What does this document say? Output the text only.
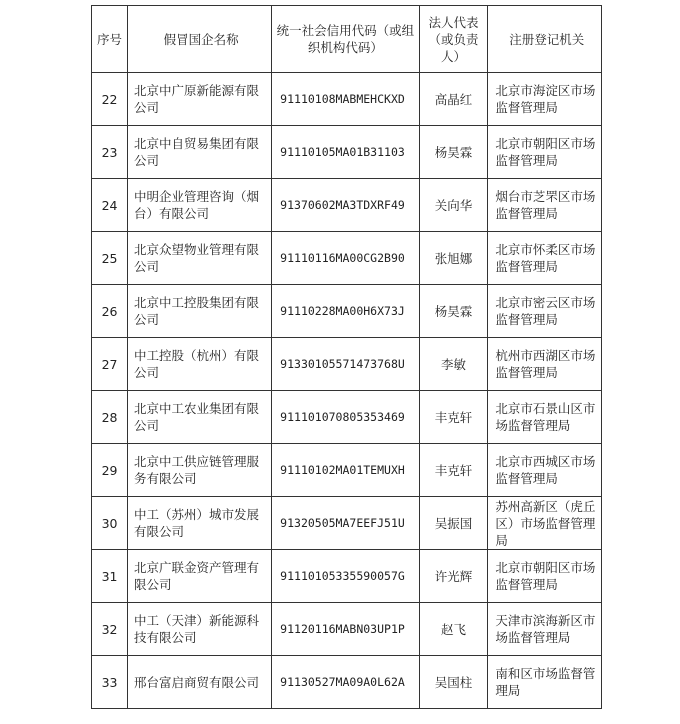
序号	假冒国企名称	统一社会信用代码（或组织机构代码）	法人代表（或负责人）	注册登记机关
22	北京中广原新能源有限公司	91110108MABMEHCKXD	高晶红	北京市海淀区市场监督管理局
23	北京中自贸易集团有限公司	91110105MA01B31103	杨昊霖	北京市朝阳区市场监督管理局
24	中明企业管理咨询（烟台）有限公司	91370602MA3TDXRF49	关向华	烟台市芝罘区市场监督管理局
25	北京众望物业管理有限公司	91110116MA00CG2B90	张旭娜	北京市怀柔区市场监督管理局
26	北京中工控股集团有限公司	91110228MA00H6X73J	杨昊霖	北京市密云区市场监督管理局
27	中工控股（杭州）有限公司	91330105571473768U	李敏	杭州市西湖区市场监督管理局
28	北京中工农业集团有限公司	911101070805353469	丰克轩	北京市石景山区市场监督管理局
29	北京中工供应链管理服务有限公司	91110102MA01TEMUXH	丰克轩	北京市西城区市场监督管理局
30	中工（苏州）城市发展有限公司	91320505MA7EEFJ51U	吴振国	苏州高新区（虎丘区）市场监督管理局
31	北京广联金资产管理有限公司	91110105335590057G	许光辉	北京市朝阳区市场监督管理局
32	中工（天津）新能源科技有限公司	91120116MABN03UP1P	赵飞	天津市滨海新区市场监督管理局
33	邢台富启商贸有限公司	91130527MA09A0L62A	吴国柱	南和区市场监督管理局
